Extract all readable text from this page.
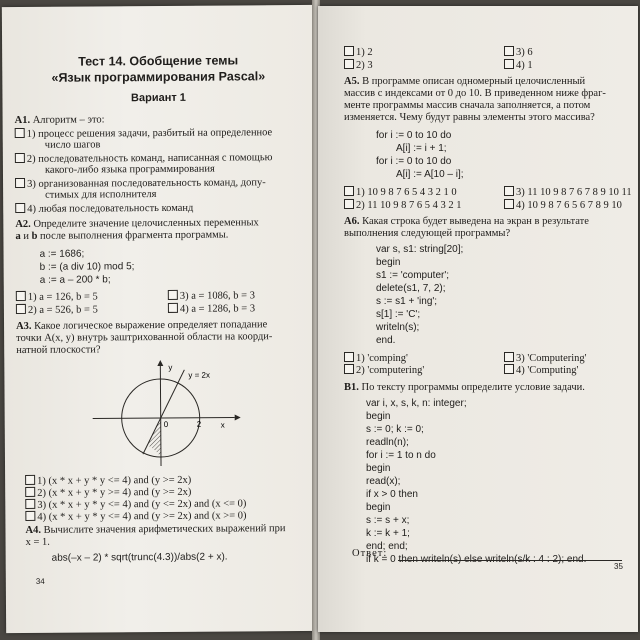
Тест 14. Обобщение темы
«Язык программирования Pascal»
Вариант 1
А1. Алгоритм – это:
1) процесс решения задачи, разбитый на определенное
число шагов
2) последовательность команд, написанная с помощью
какого-либо языка программирования
3) организованная последовательность команд, допу-
стимых для исполнителя
4) любая последовательность команд
А2. Определите значение целочисленных переменных
a и b после выполнения фрагмента программы.
a := 1686;
b := (a div 10) mod 5;
a := a – 200 * b;
1) a = 126, b = 5	3) a = 1086, b = 3
2) a = 526, b = 5	4) a = 1286, b = 3
А3. Какое логическое выражение определяет попадание
точки A(x, y) внутрь заштрихованной области на коорди-
натной плоскости?
y
y = 2x
0	2 x
1) (x * x + y * y <= 4) and (y >= 2x)
2) (x * x + y * y >= 4) and (y >= 2x)
3) (x * x + y * y <= 4) and (y <= 2x) and (x <= 0)
4) (x * x + y * y <= 4) and (y >= 2x) and (x >= 0)
А4. Вычислите значения арифметических выражений при
x = 1.
abs(–x – 2) * sqrt(trunc(4.3))/abs(2 + x).
34
1) 2	3) 6
2) 3	4) 1
А5. В программе описан одномерный целочисленный
массив с индексами от 0 до 10. В приведенном ниже фраг-
менте программы массив сначала заполняется, а потом
изменяется. Чему будут равны элементы этого массива?
for i := 0 to 10 do
A[i] := i + 1;
for i := 0 to 10 do
A[i] := A[10 – i];
1) 10 9 8 7 6 5 4 3 2 1 0	3) 11 10 9 8 7 6 7 8 9 10 11
2) 11 10 9 8 7 6 5 4 3 2 1	4) 10 9 8 7 6 5 6 7 8 9 10
А6. Какая строка будет выведена на экран в результате
выполнения следующей программы?
var s, s1: string[20];
begin
s1 := 'computer';
delete(s1, 7, 2);
s := s1 + 'ing';
s[1] := 'C';
writeln(s);
end.
1) 'comping'	3) 'Computering'
2) 'computering'	4) 'Computing'
В1. По тексту программы определите условие задачи.
var i, x, s, k, n: integer;
begin
s := 0; k := 0;
readln(n);
for i := 1 to n do
begin
read(x);
if x > 0 then
begin
s := s + x;
k := k + 1;
end; end;
if k = 0 then writeln(s) else writeln(s/k : 4 : 2); end.
Ответ:
35
